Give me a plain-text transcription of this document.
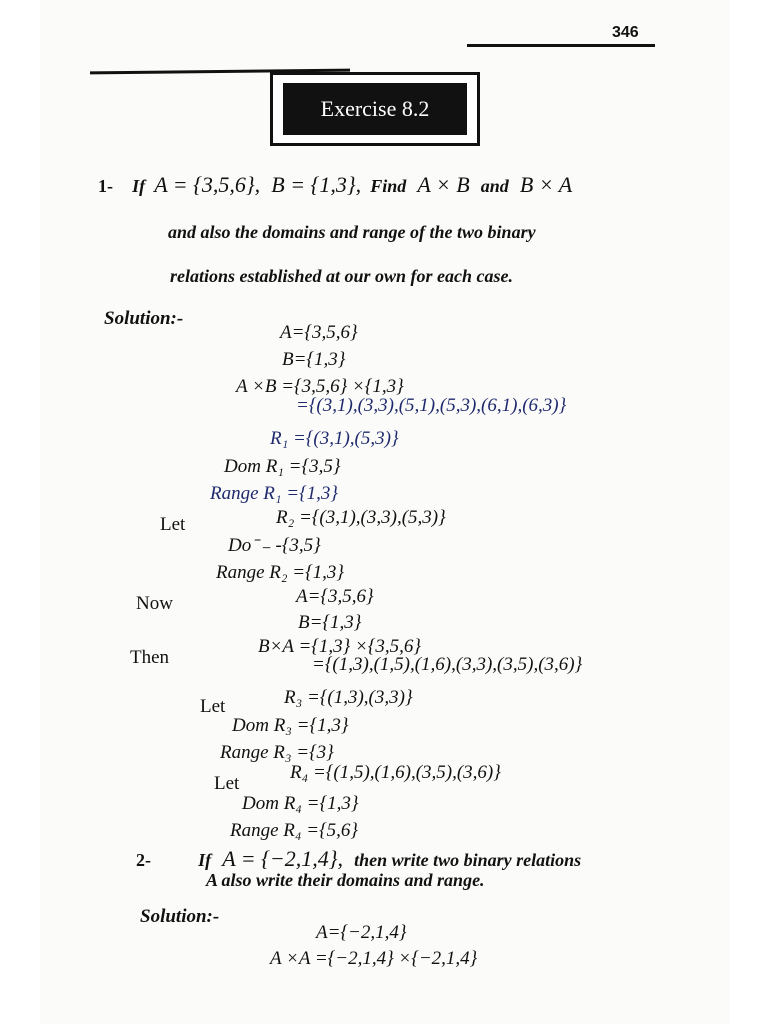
346
Exercise 8.2
1- If A = {3,5,6}, B = {1,3}, Find A × B and B × A
and also the domains and range of the two binary
relations established at our own for each case.
Solution:-
A={3,5,6}
B={1,3}
A ×B ={3,5,6} ×{1,3}
={(3,1),(3,3),(5,1),(5,3),(6,1),(6,3)}
R₁ ={(3,1),(5,3)}
Dom R₁ ={3,5}
Range R₁ ={1,3}
Let	R₂ ={(3,1),(3,3),(5,3)}
Do ̄ ₋ -{3,5}
Range R₂ ={1,3}
Now	A={3,5,6}
B={1,3}
Then
B×A ={1,3} ×{3,5,6}
={(1,3),(1,5),(1,6),(3,3),(3,5),(3,6)}
Let	R₃ ={(1,3),(3,3)}
Dom R₃ ={1,3}
Range R₃ ={3}
Let
R₄ ={(1,5),(1,6),(3,5),(3,6)}
Dom R₄ ={1,3}
Range R₄ ={5,6}
2-	If A = {−2,1,4}, then write two binary relations
A also write their domains and range.
Solution:-
A={−2,1,4}
A ×A ={−2,1,4} ×{−2,1,4}
